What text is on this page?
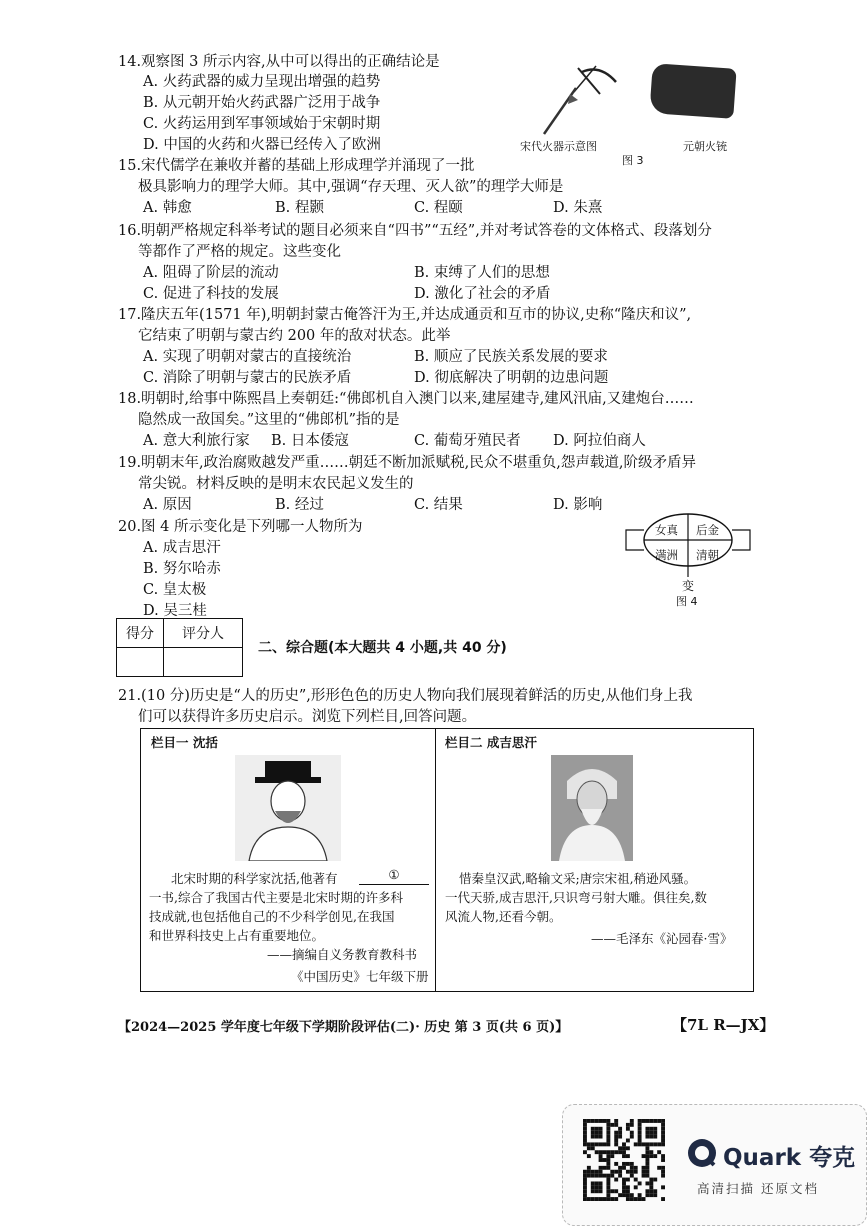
14.观察图 3 所示内容,从中可以得出的正确结论是
A. 火药武器的威力呈现出增强的趋势
B. 从元朝开始火药武器广泛用于战争
C. 火药运用到军事领域始于宋朝时期
D. 中国的火药和火器已经传入了欧洲	宋代火器示意图	元朝火铳
图 3
15.宋代儒学在兼收并蓄的基础上形成理学并涌现了一批
极具影响力的理学大师。其中,强调“存天理、灭人欲”的理学大师是
A. 韩愈	B. 程颢	C. 程颐	D. 朱熹
16.明朝严格规定科举考试的题目必须来自“四书”“五经”,并对考试答卷的文体格式、段落划分
等都作了严格的规定。这些变化
A. 阻碍了阶层的流动	B. 束缚了人们的思想
C. 促进了科技的发展	D. 激化了社会的矛盾
17.隆庆五年(1571 年),明朝封蒙古俺答汗为王,并达成通贡和互市的协议,史称“隆庆和议”,
它结束了明朝与蒙古约 200 年的敌对状态。此举
A. 实现了明朝对蒙古的直接统治	B. 顺应了民族关系发展的要求
C. 消除了明朝与蒙古的民族矛盾	D. 彻底解决了明朝的边患问题
18.明朝时,给事中陈熙昌上奏朝廷:“佛郎机自入澳门以来,建屋建寺,建风汛庙,又建炮台……
隐然成一敌国矣。”这里的“佛郎机”指的是
A. 意大利旅行家 B. 日本倭寇	C. 葡萄牙殖民者 D. 阿拉伯商人
19.明朝末年,政治腐败越发严重……朝廷不断加派赋税,民众不堪重负,怨声载道,阶级矛盾异
常尖锐。材料反映的是明末农民起义发生的
A. 原因	B. 经过	C. 结果	D. 影响
20.图 4 所示变化是下列哪一人物所为
A. 成吉思汗
B. 努尔哈赤
C. 皇太极
D. 吴三桂
女真 后金
满洲 清朝
变
图 4
得分	评分人

二、综合题(本大题共 4 小题,共 40 分)
21.(10 分)历史是“人的历史”,形形色色的历史人物向我们展现着鲜活的历史,从他们身上我
们可以获得许多历史启示。浏览下列栏目,回答问题。
栏目一 沈括
北宋时期的科学家沈括,他著有	①
一书,综合了我国古代主要是北宋时期的许多科
技成就,也包括他自己的不少科学创见,在我国
和世界科技史上占有重要地位。
——摘编自义务教育教科书
《中国历史》七年级下册
栏目二 成吉思汗
惜秦皇汉武,略输文采;唐宗宋祖,稍逊风骚。
一代天骄,成吉思汗,只识弯弓射大雕。俱往矣,数
风流人物,还看今朝。
——毛泽东《沁园春·雪》
【2024—2025 学年度七年级下学期阶段评估(二)· 历史 第 3 页(共 6 页)】	【7L R—JX】
Quark 夸克
高清扫描 还原文档
